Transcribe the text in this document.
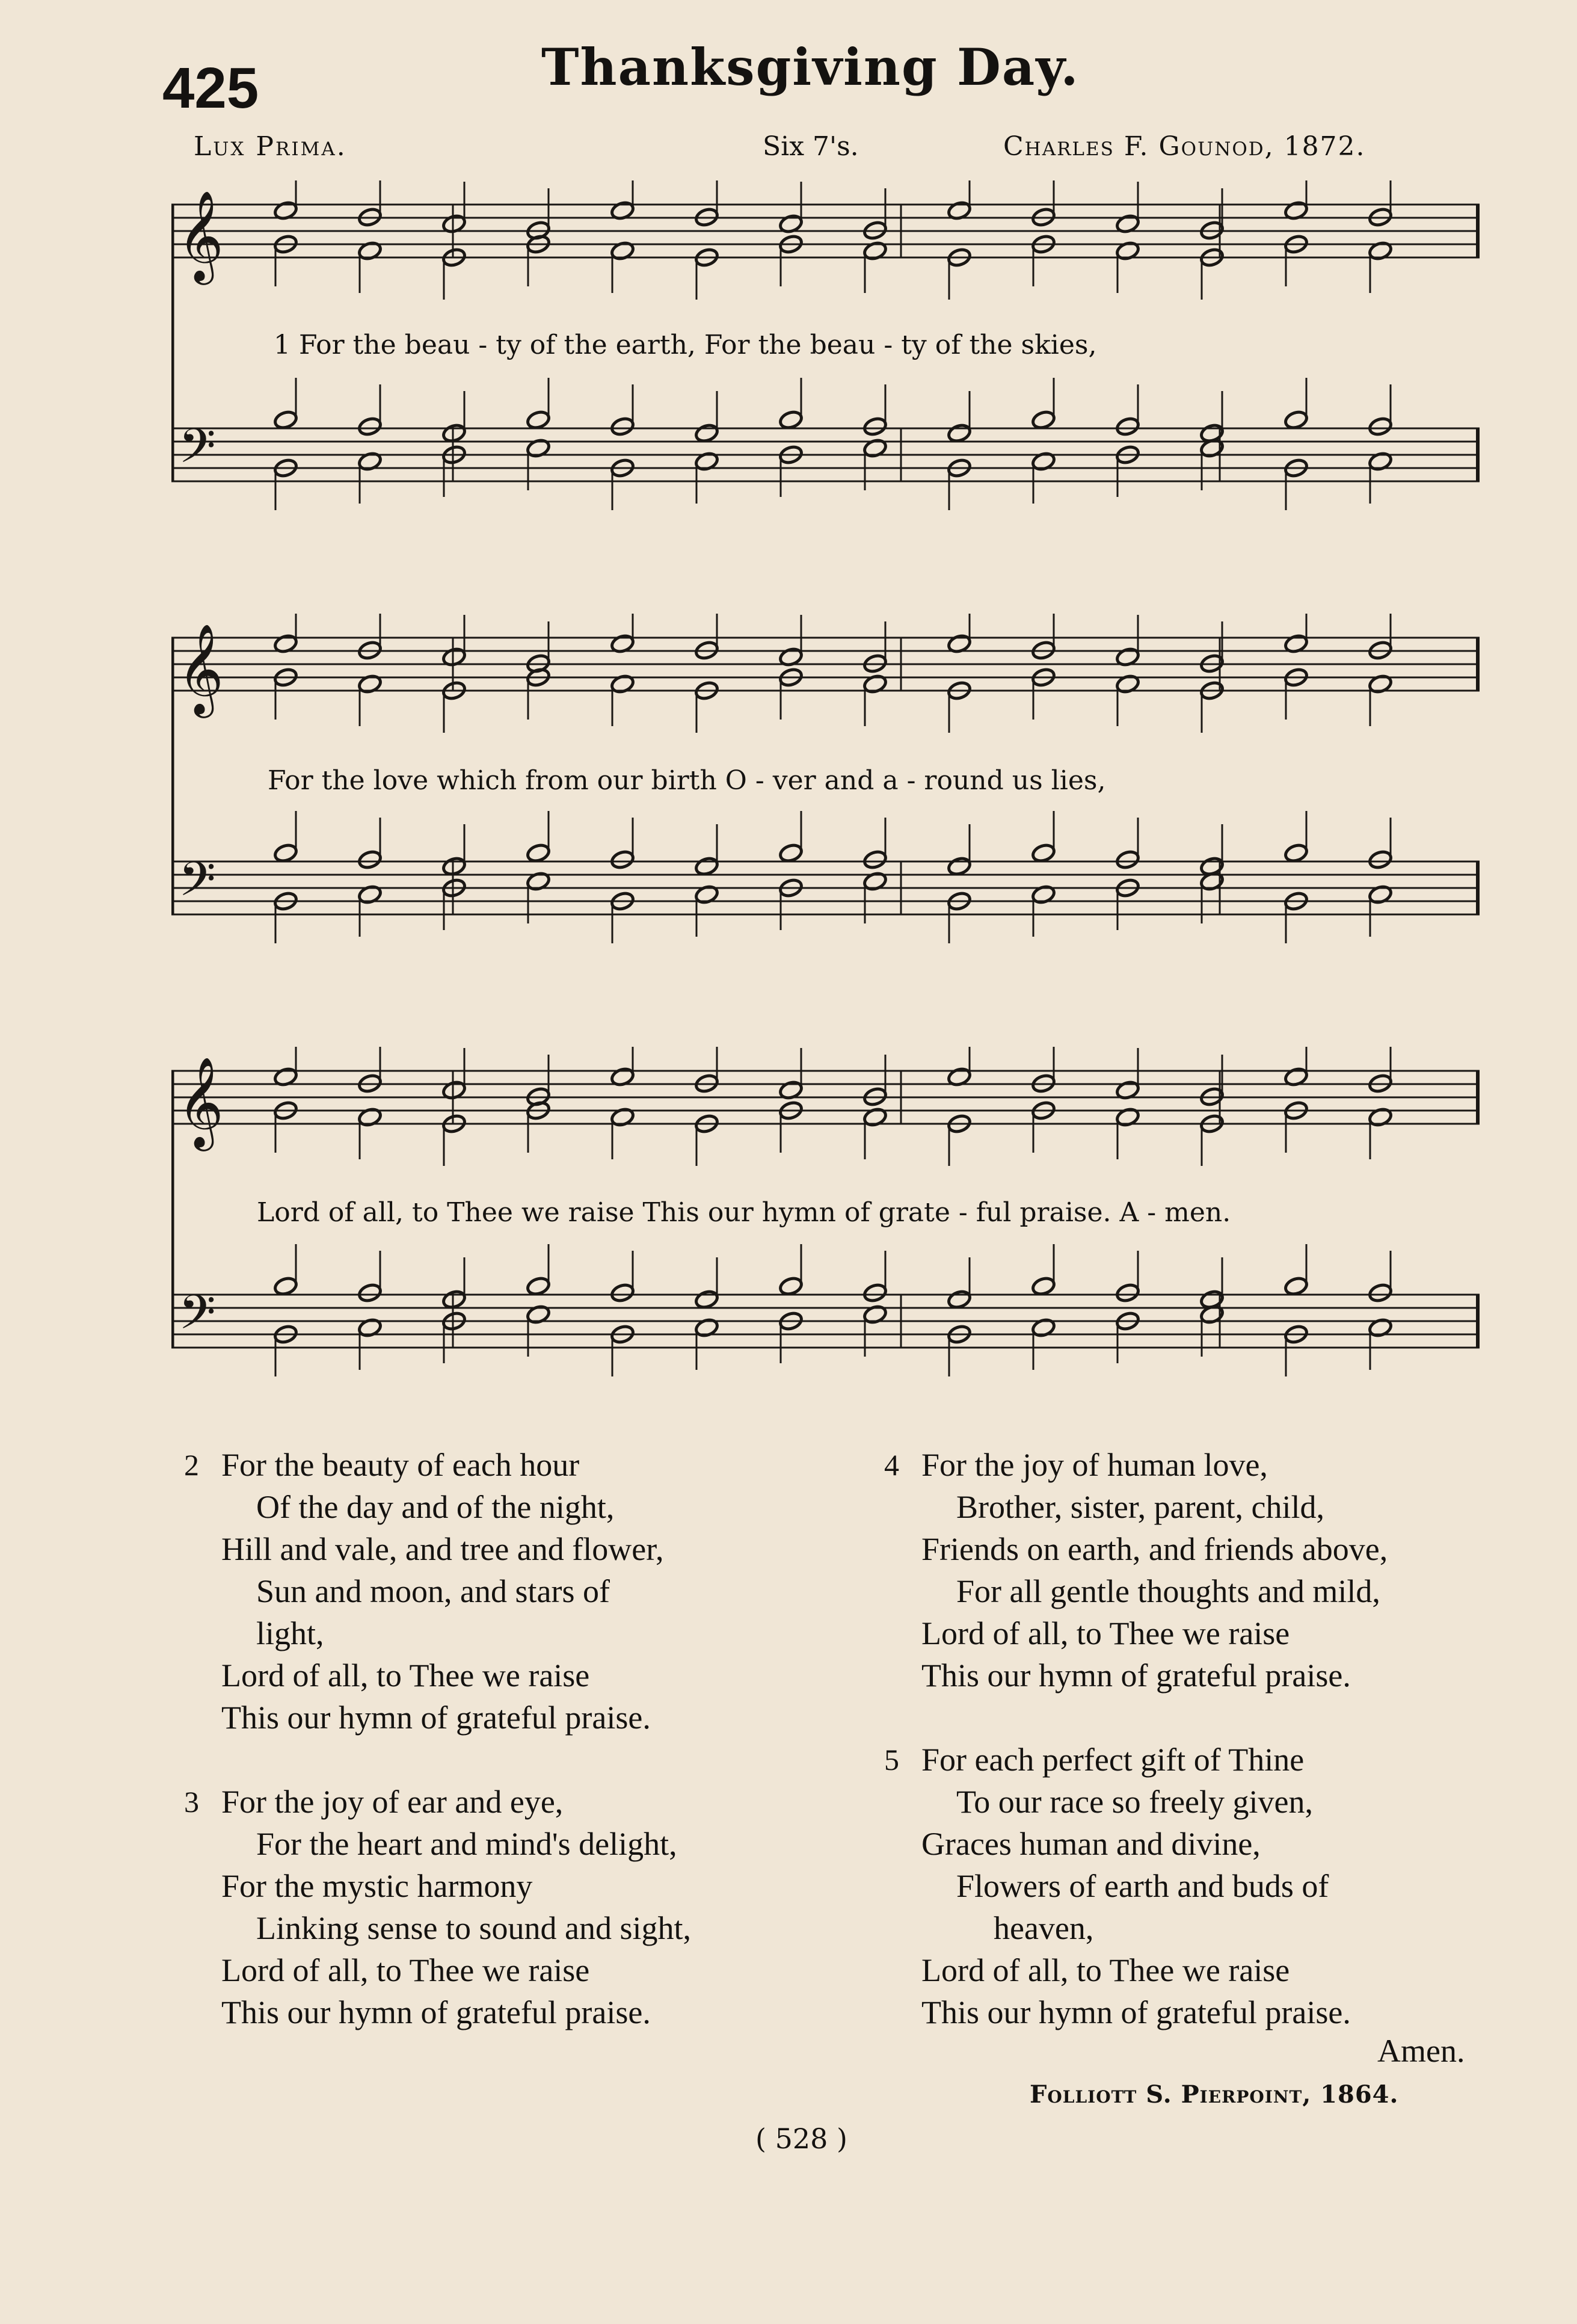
425	Thanksgiving Day.
Lux Prima.	Six 7's.	Charles F. Gounod, 1872.
𝄞
𝄢
1 For the beau - ty of the earth, For the beau - ty of the skies,
𝄞
𝄢
For the love which from our birth O - ver and a - round us lies,
𝄞
𝄢
Lord of all, to Thee we raise This our hymn of grate - ful praise. A - men.
2 For the beauty of each hour
Of the day and of the night,
Hill and vale, and tree and flower,
Sun and moon, and stars of
light,
Lord of all, to Thee we raise
This our hymn of grateful praise.
3 For the joy of ear and eye,
For the heart and mind's delight,
For the mystic harmony
Linking sense to sound and sight,
Lord of all, to Thee we raise
This our hymn of grateful praise.
4 For the joy of human love,
Brother, sister, parent, child,
Friends on earth, and friends above,
For all gentle thoughts and mild,
Lord of all, to Thee we raise
This our hymn of grateful praise.
5 For each perfect gift of Thine
To our race so freely given,
Graces human and divine,
Flowers of earth and buds of
heaven,
Lord of all, to Thee we raise
This our hymn of grateful praise.
Amen.
Folliott S. Pierpoint, 1864.
( 528 )
